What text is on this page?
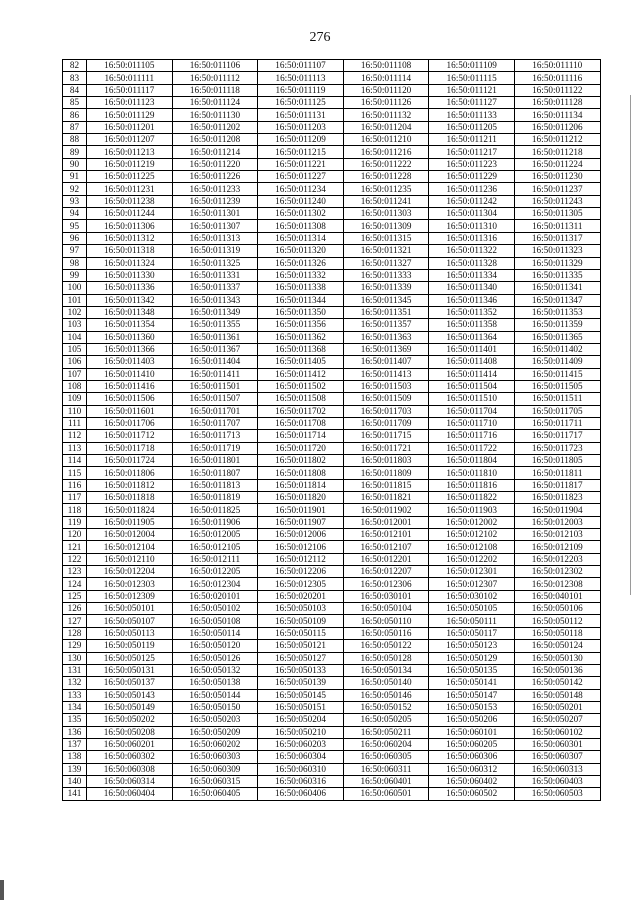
276
82	16:50:011105	16:50:011106	16:50:011107	16:50:011108	16:50:011109	16:50:011110
83	16:50:011111	16:50:011112	16:50:011113	16:50:011114	16:50:011115	16:50:011116
84	16:50:011117	16:50:011118	16:50:011119	16:50:011120	16:50:011121	16:50:011122
85	16:50:011123	16:50:011124	16:50:011125	16:50:011126	16:50:011127	16:50:011128
86	16:50:011129	16:50:011130	16:50:011131	16:50:011132	16:50:011133	16:50:011134
87	16:50:011201	16:50:011202	16:50:011203	16:50:011204	16:50:011205	16:50:011206
88	16:50:011207	16:50:011208	16:50:011209	16:50:011210	16:50:011211	16:50:011212
89	16:50:011213	16:50:011214	16:50:011215	16:50:011216	16:50:011217	16:50:011218
90	16:50:011219	16:50:011220	16:50:011221	16:50:011222	16:50:011223	16:50:011224
91	16:50:011225	16:50:011226	16:50:011227	16:50:011228	16:50:011229	16:50:011230
92	16:50:011231	16:50:011233	16:50:011234	16:50:011235	16:50:011236	16:50:011237
93	16:50:011238	16:50:011239	16:50:011240	16:50:011241	16:50:011242	16:50:011243
94	16:50:011244	16:50:011301	16:50:011302	16:50:011303	16:50:011304	16:50:011305
95	16:50:011306	16:50:011307	16:50:011308	16:50:011309	16:50:011310	16:50:011311
96	16:50:011312	16:50:011313	16:50:011314	16:50:011315	16:50:011316	16:50:011317
97	16:50:011318	16:50:011319	16:50:011320	16:50:011321	16:50:011322	16:50:011323
98	16:50:011324	16:50:011325	16:50:011326	16:50:011327	16:50:011328	16:50:011329
99	16:50:011330	16:50:011331	16:50:011332	16:50:011333	16:50:011334	16:50:011335
100	16:50:011336	16:50:011337	16:50:011338	16:50:011339	16:50:011340	16:50:011341
101	16:50:011342	16:50:011343	16:50:011344	16:50:011345	16:50:011346	16:50:011347
102	16:50:011348	16:50:011349	16:50:011350	16:50:011351	16:50:011352	16:50:011353
103	16:50:011354	16:50:011355	16:50:011356	16:50:011357	16:50:011358	16:50:011359
104	16:50:011360	16:50:011361	16:50:011362	16:50:011363	16:50:011364	16:50:011365
105	16:50:011366	16:50:011367	16:50:011368	16:50:011369	16:50:011401	16:50:011402
106	16:50:011403	16:50:011404	16:50:011405	16:50:011407	16:50:011408	16:50:011409
107	16:50:011410	16:50:011411	16:50:011412	16:50:011413	16:50:011414	16:50:011415
108	16:50:011416	16:50:011501	16:50:011502	16:50:011503	16:50:011504	16:50:011505
109	16:50:011506	16:50:011507	16:50:011508	16:50:011509	16:50:011510	16:50:011511
110	16:50:011601	16:50:011701	16:50:011702	16:50:011703	16:50:011704	16:50:011705
111	16:50:011706	16:50:011707	16:50:011708	16:50:011709	16:50:011710	16:50:011711
112	16:50:011712	16:50:011713	16:50:011714	16:50:011715	16:50:011716	16:50:011717
113	16:50:011718	16:50:011719	16:50:011720	16:50:011721	16:50:011722	16:50:011723
114	16:50:011724	16:50:011801	16:50:011802	16:50:011803	16:50:011804	16:50:011805
115	16:50:011806	16:50:011807	16:50:011808	16:50:011809	16:50:011810	16:50:011811
116	16:50:011812	16:50:011813	16:50:011814	16:50:011815	16:50:011816	16:50:011817
117	16:50:011818	16:50:011819	16:50:011820	16:50:011821	16:50:011822	16:50:011823
118	16:50:011824	16:50:011825	16:50:011901	16:50:011902	16:50:011903	16:50:011904
119	16:50:011905	16:50:011906	16:50:011907	16:50:012001	16:50:012002	16:50:012003
120	16:50:012004	16:50:012005	16:50:012006	16:50:012101	16:50:012102	16:50:012103
121	16:50:012104	16:50:012105	16:50:012106	16:50:012107	16:50:012108	16:50:012109
122	16:50:012110	16:50:012111	16:50:012112	16:50:012201	16:50:012202	16:50:012203
123	16:50:012204	16:50:012205	16:50:012206	16:50:012207	16:50:012301	16:50:012302
124	16:50:012303	16:50:012304	16:50:012305	16:50:012306	16:50:012307	16:50:012308
125	16:50:012309	16:50:020101	16:50:020201	16:50:030101	16:50:030102	16:50:040101
126	16:50:050101	16:50:050102	16:50:050103	16:50:050104	16:50:050105	16:50:050106
127	16:50:050107	16:50:050108	16:50:050109	16:50:050110	16:50:050111	16:50:050112
128	16:50:050113	16:50:050114	16:50:050115	16:50:050116	16:50:050117	16:50:050118
129	16:50:050119	16:50:050120	16:50:050121	16:50:050122	16:50:050123	16:50:050124
130	16:50:050125	16:50:050126	16:50:050127	16:50:050128	16:50:050129	16:50:050130
131	16:50:050131	16:50:050132	16:50:050133	16:50:050134	16:50:050135	16:50:050136
132	16:50:050137	16:50:050138	16:50:050139	16:50:050140	16:50:050141	16:50:050142
133	16:50:050143	16:50:050144	16:50:050145	16:50:050146	16:50:050147	16:50:050148
134	16:50:050149	16:50:050150	16:50:050151	16:50:050152	16:50:050153	16:50:050201
135	16:50:050202	16:50:050203	16:50:050204	16:50:050205	16:50:050206	16:50:050207
136	16:50:050208	16:50:050209	16:50:050210	16:50:050211	16:50:060101	16:50:060102
137	16:50:060201	16:50:060202	16:50:060203	16:50:060204	16:50:060205	16:50:060301
138	16:50:060302	16:50:060303	16:50:060304	16:50:060305	16:50:060306	16:50:060307
139	16:50:060308	16:50:060309	16:50:060310	16:50:060311	16:50:060312	16:50:060313
140	16:50:060314	16:50:060315	16:50:060316	16:50:060401	16:50:060402	16:50:060403
141	16:50:060404	16:50:060405	16:50:060406	16:50:060501	16:50:060502	16:50:060503
